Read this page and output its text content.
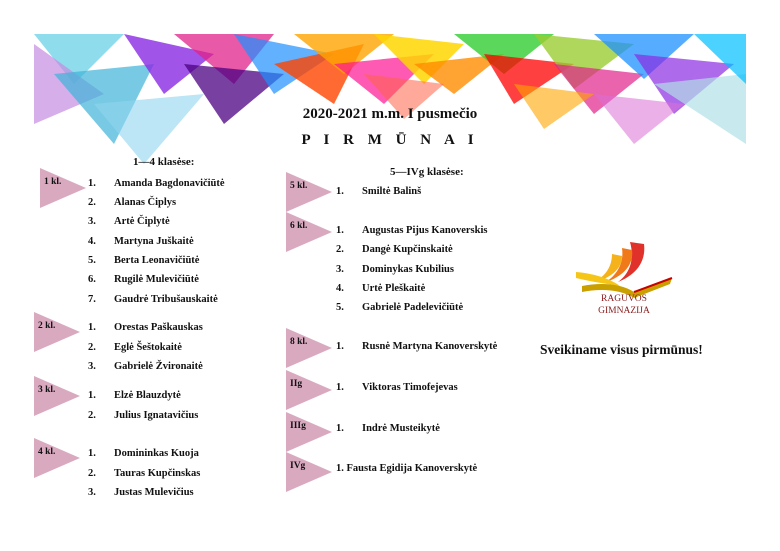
2020-2021 m.m. I pusmečio
P I R M Ū N A I
1—4 klasėse:
5—IVg klasėse:
1 kl.	1. Amanda Bagdonavičiūtė
2. Alanas Čiplys
3. Artė Čiplytė
4. Martyna Juškaitė
5. Berta Leonavičiūtė
6. Rugilė Mulevičiūtė
7. Gaudrė Tribušauskaitė
2 kl.	1. Orestas Paškauskas
2. Eglė Šeštokaitė
3. Gabrielė Žvironaitė
3 kl.	1. Elzė Blauzdytė
2. Julius Ignatavičius
4 kl.	1. Domininkas Kuoja
2. Tauras Kupčinskas
3. Justas Mulevičius
5 kl.	1. Smiltė Balinš
6 kl.	1. Augustas Pijus Kanoverskis
2. Dangė Kupčinskaitė
3. Dominykas Kubilius
4. Urtė Pleškaitė
5. Gabrielė Padelevičiūtė
8 kl.	1. Rusnė Martyna Kanoverskytė
IIg	1. Viktoras Timofejevas
IIIg	1. Indrė Musteikytė
IVg	1. Fausta Egidija Kanoverskytė
RAGUVOS
GIMNAZIJA
Sveikiname visus pirmūnus!
